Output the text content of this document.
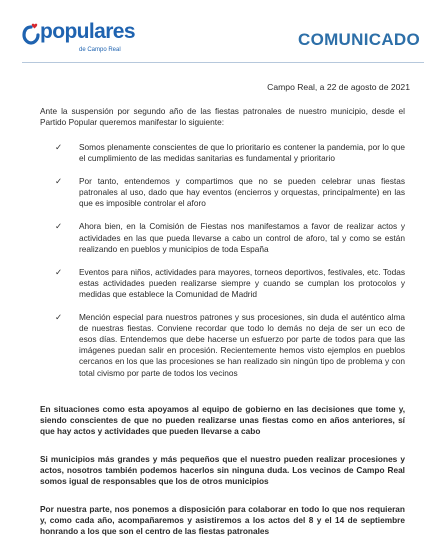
populares
de Campo Real
COMUNICADO
Campo Real, a 22 de agosto de 2021

Ante la suspensión por segundo año de las fiestas patronales de nuestro municipio, desde el Partido Popular queremos manifestar lo siguiente:

✓ Somos plenamente conscientes de que lo prioritario es contener la pandemia, por lo que el cumplimiento de las medidas sanitarias es fundamental y prioritario
✓ Por tanto, entendemos y compartimos que no se pueden celebrar unas fiestas patronales al uso, dado que hay eventos (encierros y orquestas, principalmente) en las que es imposible controlar el aforo
✓ Ahora bien, en la Comisión de Fiestas nos manifestamos a favor de realizar actos y actividades en las que pueda llevarse a cabo un control de aforo, tal y como se están realizando en pueblos y municipios de toda España
✓ Eventos para niños, actividades para mayores, torneos deportivos, festivales, etc. Todas estas actividades pueden realizarse siempre y cuando se cumplan los protocolos y medidas que establece la Comunidad de Madrid
✓ Mención especial para nuestros patrones y sus procesiones, sin duda el auténtico alma de nuestras fiestas. Conviene recordar que todo lo demás no deja de ser un eco de esos días. Entendemos que debe hacerse un esfuerzo por parte de todos para que las imágenes puedan salir en procesión. Recientemente hemos visto ejemplos en pueblos cercanos en los que las procesiones se han realizado sin ningún tipo de problema y con total civismo por parte de todos los vecinos

En situaciones como esta apoyamos al equipo de gobierno en las decisiones que tome y, siendo conscientes de que no pueden realizarse unas fiestas como en años anteriores, sí que hay actos y actividades que pueden llevarse a cabo

Si municipios más grandes y más pequeños que el nuestro pueden realizar procesiones y actos, nosotros también podemos hacerlos sin ninguna duda. Los vecinos de Campo Real somos igual de responsables que los de otros municipios

Por nuestra parte, nos ponemos a disposición para colaborar en todo lo que nos requieran y, como cada año, acompañaremos y asistiremos a los actos del 8 y el 14 de septiembre honrando a los que son el centro de las fiestas patronales
